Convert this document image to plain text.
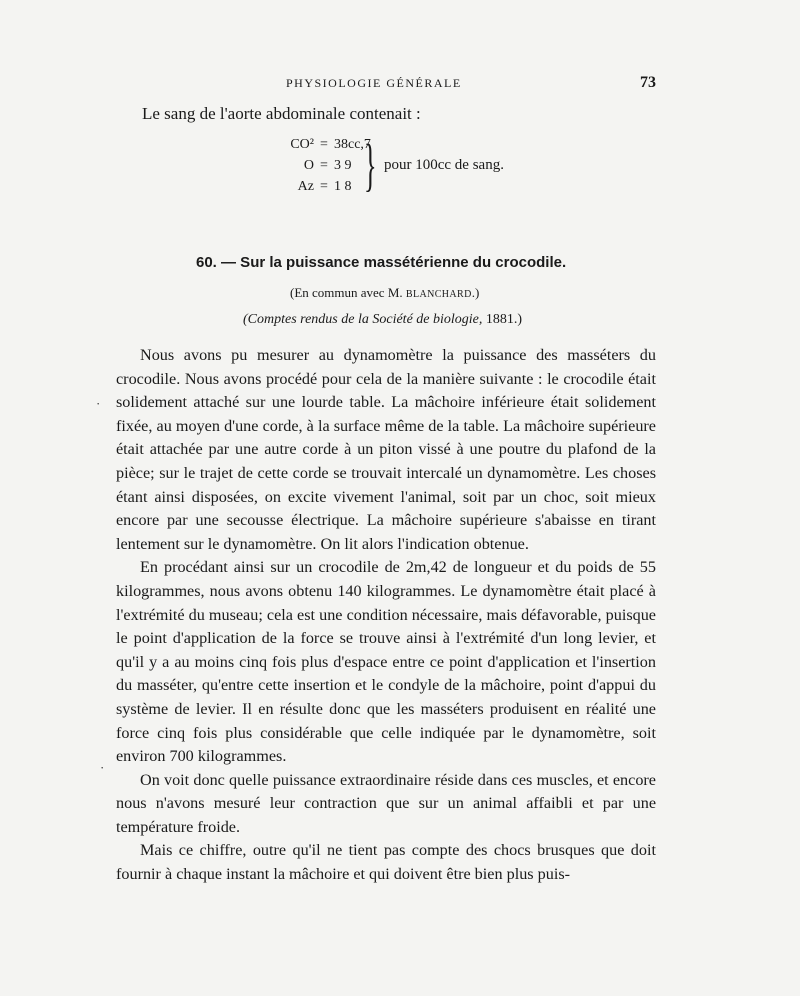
PHYSIOLOGIE GÉNÉRALE	73
Le sang de l'aorte abdominale contenait :
CO² = 38cc,7
O = 3 9
Az = 1 8 } pour 100cc de sang.
60. — Sur la puissance massétérienne du crocodile.
(En commun avec M. BLANCHARD.)
(Comptes rendus de la Société de biologie, 1881.)

Nous avons pu mesurer au dynamomètre la puissance des masséters du crocodile. Nous avons procédé pour cela de la manière suivante : le crocodile était solidement attaché sur une lourde table. La mâchoire inférieure était solidement fixée, au moyen d'une corde, à la surface même de la table. La mâchoire supérieure était attachée par une autre corde à un piton vissé à une poutre du plafond de la pièce; sur le trajet de cette corde se trouvait intercalé un dynamomètre. Les choses étant ainsi disposées, on excite vivement l'animal, soit par un choc, soit mieux encore par une secousse électrique. La mâchoire supérieure s'abaisse en tirant lentement sur le dynamomètre. On lit alors l'indication obtenue.

En procédant ainsi sur un crocodile de 2m,42 de longueur et du poids de 55 kilogrammes, nous avons obtenu 140 kilogrammes. Le dynamomètre était placé à l'extrémité du museau; cela est une condition nécessaire, mais défavorable, puisque le point d'application de la force se trouve ainsi à l'extrémité d'un long levier, et qu'il y a au moins cinq fois plus d'espace entre ce point d'application et l'insertion du masséter, qu'entre cette insertion et le condyle de la mâchoire, point d'appui du système de levier. Il en résulte donc que les masséters produisent en réalité une force cinq fois plus considérable que celle indiquée par le dynamomètre, soit environ 700 kilogrammes.

On voit donc quelle puissance extraordinaire réside dans ces muscles, et encore nous n'avons mesuré leur contraction que sur un animal affaibli et par une température froide.

Mais ce chiffre, outre qu'il ne tient pas compte des chocs brusques que doit fournir à chaque instant la mâchoire et qui doivent être bien plus puis-

·
·
